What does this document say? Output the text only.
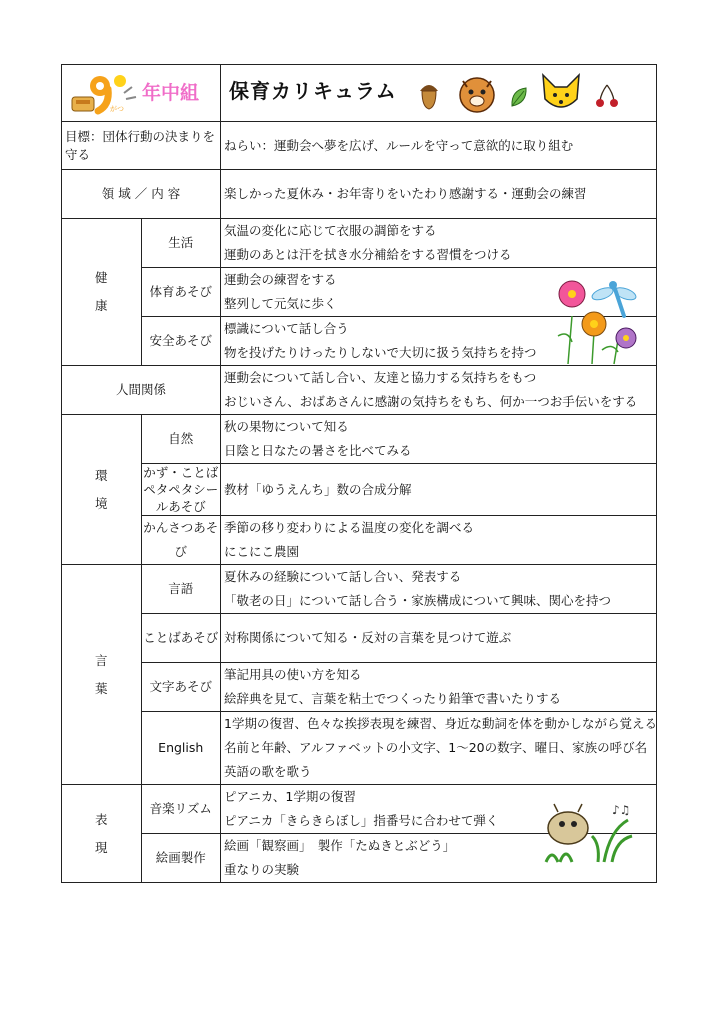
がつ
年中組		保育カリキュラム

目標：団体行動の決まりを守る		ねらい：運動会へ夢を広げ、ルールを守って意欲的に取り組む
領 域 ／ 内 容		楽しかった夏休み・お年寄りをいたわり感謝する・運動会の練習

健
康	生活	気温の変化に応じて衣服の調節をする
運動のあとは汗を拭き水分補給をする習慣をつける

	体育あそび	運動会の練習をする
整列して元気に歩く

	安全あそび	標識について話し合う
物を投げたりけったりしないで大切に扱う気持ちを持つ

人間関係		運動会について話し合い、友達と協力する気持ちをもつ
おじいさん、おばあさんに感謝の気持ちをもち、何か一つお手伝いをする

環
境	自然	秋の果物について知る
日陰と日なたの暑さを比べてみる

	かず・ことば
ペタペタシールあそび	教材「ゆうえんち」数の合成分解

	かんさつあそび	季節の移り変わりによる温度の変化を調べる
にこにこ農園

言
葉	言語	夏休みの経験について話し合い、発表する
「敬老の日」について話し合う・家族構成について興味、関心を持つ

	ことばあそび	対称関係について知る・反対の言葉を見つけて遊ぶ

	文字あそび	筆記用具の使い方を知る
絵辞典を見て、言葉を粘土でつくったり鉛筆で書いたりする

	English	1学期の復習、色々な挨拶表現を練習、身近な動詞を体を動かしながら覚える
名前と年齢、アルファベットの小文字、1～20の数字、曜日、家族の呼び名
英語の歌を歌う

表
現	音楽リズム	ピアニカ、1学期の復習
ピアニカ「きらきらぼし」指番号に合わせて弾く

	絵画製作	絵画「観察画」　製作「たぬきとぶどう」
重なりの実験
♪♫
